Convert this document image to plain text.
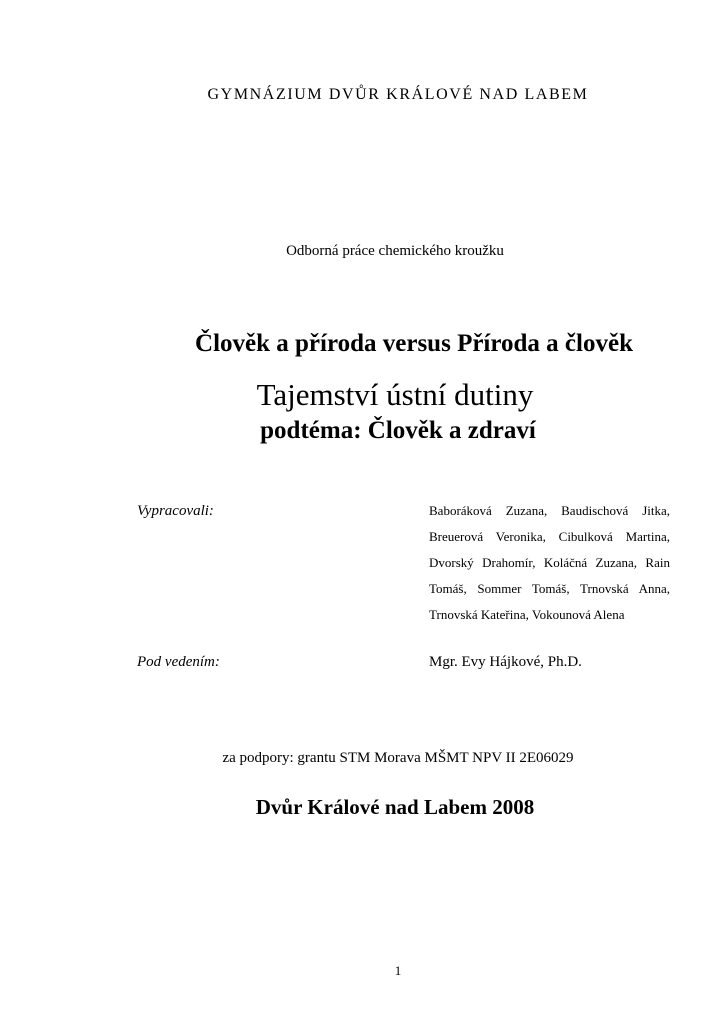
GYMNÁZIUM DVŮR KRÁLOVÉ NAD LABEM
Odborná práce chemického kroužku
Člověk a příroda versus Příroda a člověk
Tajemství ústní dutiny
podtéma: Člověk a zdraví
Vypracovali:	Baboráková Zuzana, Baudischová Jitka, Breuerová Veronika, Cibulková Martina, Dvorský Drahomír, Koláčná Zuzana, Rain Tomáš, Sommer Tomáš, Trnovská Anna, Trnovská Kateřina, Vokounová Alena
Pod vedením:	Mgr. Evy Hájkové, Ph.D.
za podpory: grantu STM Morava MŠMT NPV II 2E06029
Dvůr Králové nad Labem 2008
1
